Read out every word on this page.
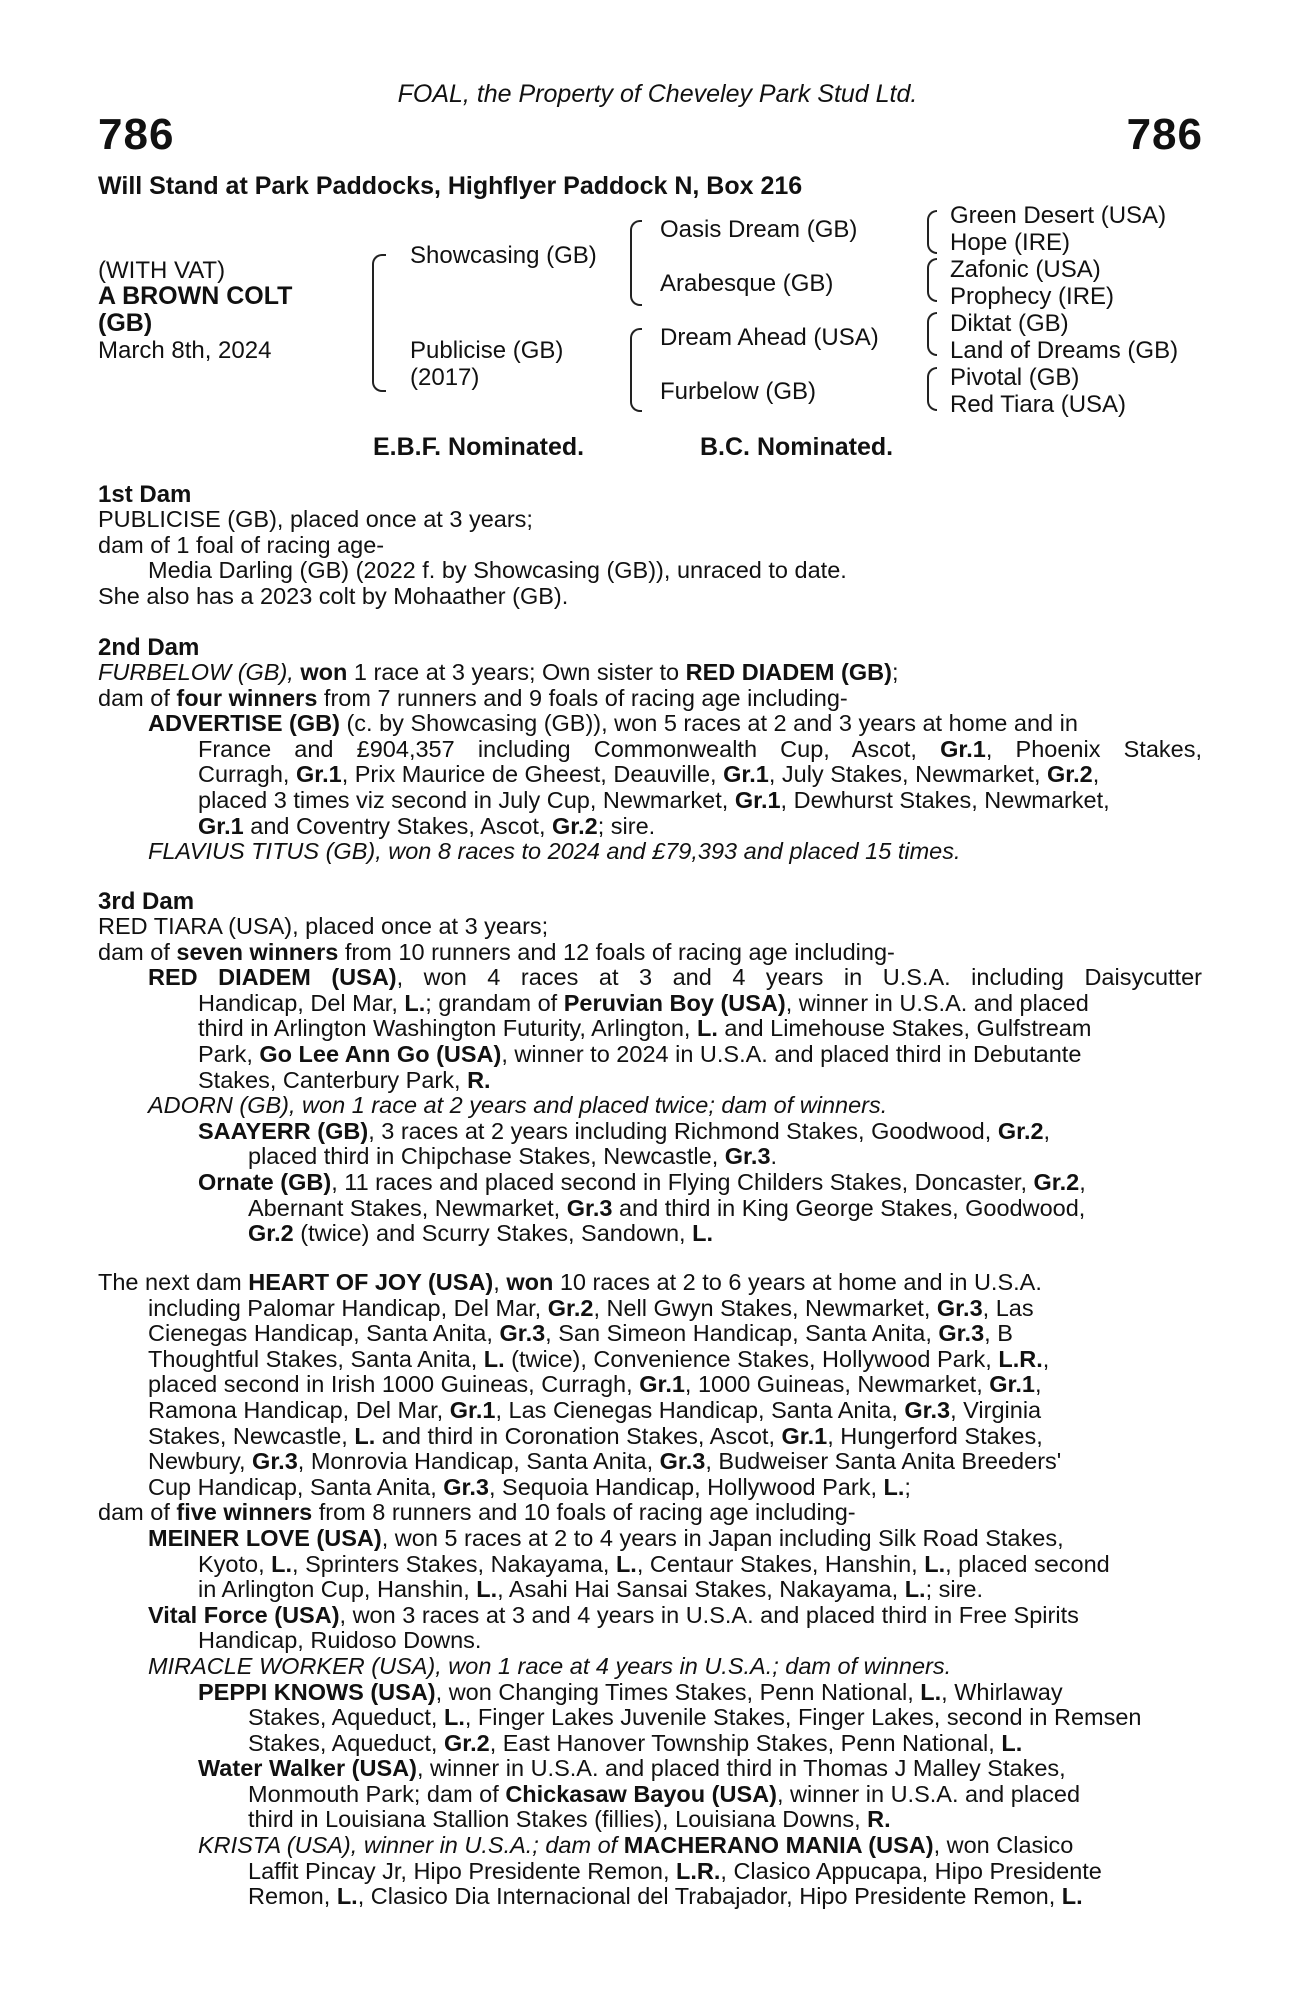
FOAL, the Property of Cheveley Park Stud Ltd.
786	786
Will Stand at Park Paddocks, Highflyer Paddock N, Box 216
(WITH VAT)
A BROWN COLT
(GB)
March 8th, 2024
Showcasing (GB)
Publicise (GB)
(2017)
Oasis Dream (GB)
Arabesque (GB)
Dream Ahead (USA)
Furbelow (GB)
Green Desert (USA)
Hope (IRE)
Zafonic (USA)
Prophecy (IRE)
Diktat (GB)
Land of Dreams (GB)
Pivotal (GB)
Red Tiara (USA)
E.B.F. Nominated.	B.C. Nominated.
1st Dam
PUBLICISE (GB), placed once at 3 years;
dam of 1 foal of racing age-
Media Darling (GB) (2022 f. by Showcasing (GB)), unraced to date.
She also has a 2023 colt by Mohaather (GB).
2nd Dam
FURBELOW (GB), won 1 race at 3 years; Own sister to RED DIADEM (GB);
dam of four winners from 7 runners and 9 foals of racing age including-
ADVERTISE (GB) (c. by Showcasing (GB)), won 5 races at 2 and 3 years at home and in
France and £904,357 including Commonwealth Cup, Ascot, Gr.1, Phoenix Stakes,
Curragh, Gr.1, Prix Maurice de Gheest, Deauville, Gr.1, July Stakes, Newmarket, Gr.2,
placed 3 times viz second in July Cup, Newmarket, Gr.1, Dewhurst Stakes, Newmarket,
Gr.1 and Coventry Stakes, Ascot, Gr.2; sire.
FLAVIUS TITUS (GB), won 8 races to 2024 and £79,393 and placed 15 times.
3rd Dam
RED TIARA (USA), placed once at 3 years;
dam of seven winners from 10 runners and 12 foals of racing age including-
RED DIADEM (USA), won 4 races at 3 and 4 years in U.S.A. including Daisycutter
Handicap, Del Mar, L.; grandam of Peruvian Boy (USA), winner in U.S.A. and placed
third in Arlington Washington Futurity, Arlington, L. and Limehouse Stakes, Gulfstream
Park, Go Lee Ann Go (USA), winner to 2024 in U.S.A. and placed third in Debutante
Stakes, Canterbury Park, R.
ADORN (GB), won 1 race at 2 years and placed twice; dam of winners.
SAAYERR (GB), 3 races at 2 years including Richmond Stakes, Goodwood, Gr.2,
placed third in Chipchase Stakes, Newcastle, Gr.3.
Ornate (GB), 11 races and placed second in Flying Childers Stakes, Doncaster, Gr.2,
Abernant Stakes, Newmarket, Gr.3 and third in King George Stakes, Goodwood,
Gr.2 (twice) and Scurry Stakes, Sandown, L.
The next dam HEART OF JOY (USA), won 10 races at 2 to 6 years at home and in U.S.A.
including Palomar Handicap, Del Mar, Gr.2, Nell Gwyn Stakes, Newmarket, Gr.3, Las
Cienegas Handicap, Santa Anita, Gr.3, San Simeon Handicap, Santa Anita, Gr.3, B
Thoughtful Stakes, Santa Anita, L. (twice), Convenience Stakes, Hollywood Park, L.R.,
placed second in Irish 1000 Guineas, Curragh, Gr.1, 1000 Guineas, Newmarket, Gr.1,
Ramona Handicap, Del Mar, Gr.1, Las Cienegas Handicap, Santa Anita, Gr.3, Virginia
Stakes, Newcastle, L. and third in Coronation Stakes, Ascot, Gr.1, Hungerford Stakes,
Newbury, Gr.3, Monrovia Handicap, Santa Anita, Gr.3, Budweiser Santa Anita Breeders'
Cup Handicap, Santa Anita, Gr.3, Sequoia Handicap, Hollywood Park, L.;
dam of five winners from 8 runners and 10 foals of racing age including-
MEINER LOVE (USA), won 5 races at 2 to 4 years in Japan including Silk Road Stakes,
Kyoto, L., Sprinters Stakes, Nakayama, L., Centaur Stakes, Hanshin, L., placed second
in Arlington Cup, Hanshin, L., Asahi Hai Sansai Stakes, Nakayama, L.; sire.
Vital Force (USA), won 3 races at 3 and 4 years in U.S.A. and placed third in Free Spirits
Handicap, Ruidoso Downs.
MIRACLE WORKER (USA), won 1 race at 4 years in U.S.A.; dam of winners.
PEPPI KNOWS (USA), won Changing Times Stakes, Penn National, L., Whirlaway
Stakes, Aqueduct, L., Finger Lakes Juvenile Stakes, Finger Lakes, second in Remsen
Stakes, Aqueduct, Gr.2, East Hanover Township Stakes, Penn National, L.
Water Walker (USA), winner in U.S.A. and placed third in Thomas J Malley Stakes,
Monmouth Park; dam of Chickasaw Bayou (USA), winner in U.S.A. and placed
third in Louisiana Stallion Stakes (fillies), Louisiana Downs, R.
KRISTA (USA), winner in U.S.A.; dam of MACHERANO MANIA (USA), won Clasico
Laffit Pincay Jr, Hipo Presidente Remon, L.R., Clasico Appucapa, Hipo Presidente
Remon, L., Clasico Dia Internacional del Trabajador, Hipo Presidente Remon, L.
